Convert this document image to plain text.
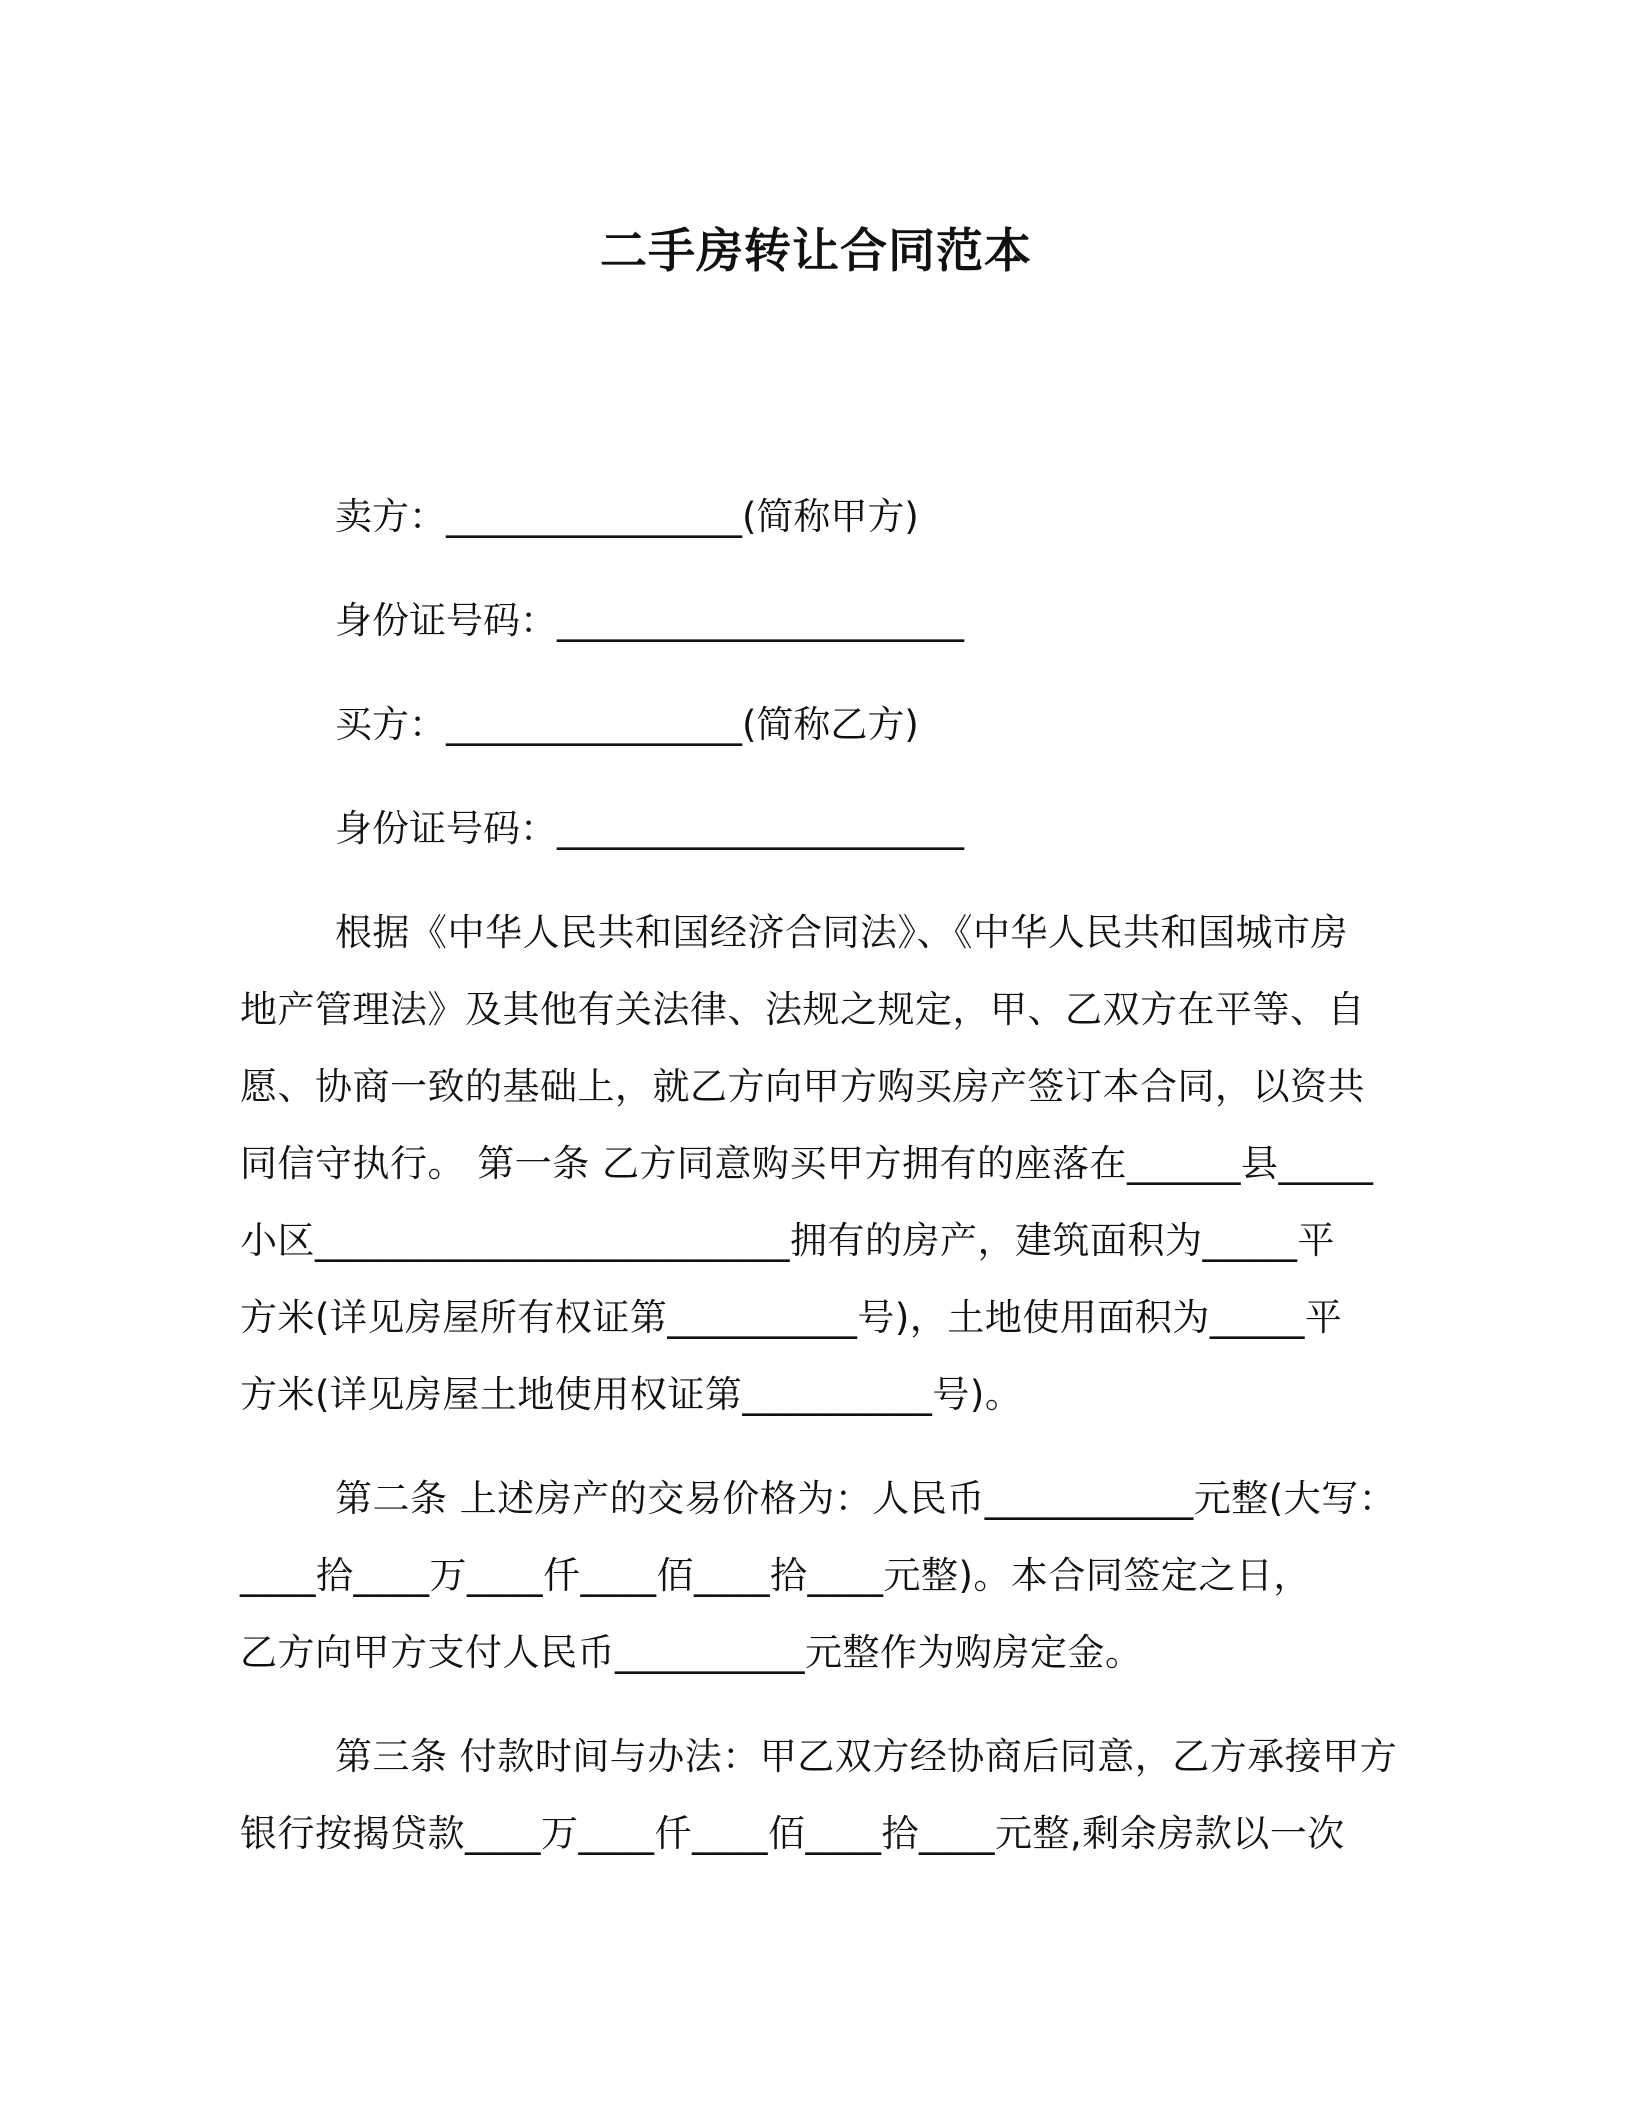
二手房转让合同范本
卖方：________________(简称甲方)
身份证号码：______________________
买方：________________(简称乙方)
身份证号码：______________________
根据《中华人民共和国经济合同法》、《中华人民共和国城市房
地产管理法》及其他有关法律、法规之规定，甲、乙双方在平等、自
愿、协商一致的基础上，就乙方向甲方购买房产签订本合同，以资共
同信守执行。 第一条 乙方同意购买甲方拥有的座落在______县_____
小区_________________________拥有的房产，建筑面积为_____平
方米(详见房屋所有权证第__________号)，土地使用面积为_____平
方米(详见房屋土地使用权证第__________号)。
第二条 上述房产的交易价格为：人民币___________元整(大写：
____拾____万____仟____佰____拾____元整)。本合同签定之日，
乙方向甲方支付人民币__________元整作为购房定金。
第三条 付款时间与办法：甲乙双方经协商后同意，乙方承接甲方
银行按揭贷款____万____仟____佰____拾____元整,剩余房款以一次
